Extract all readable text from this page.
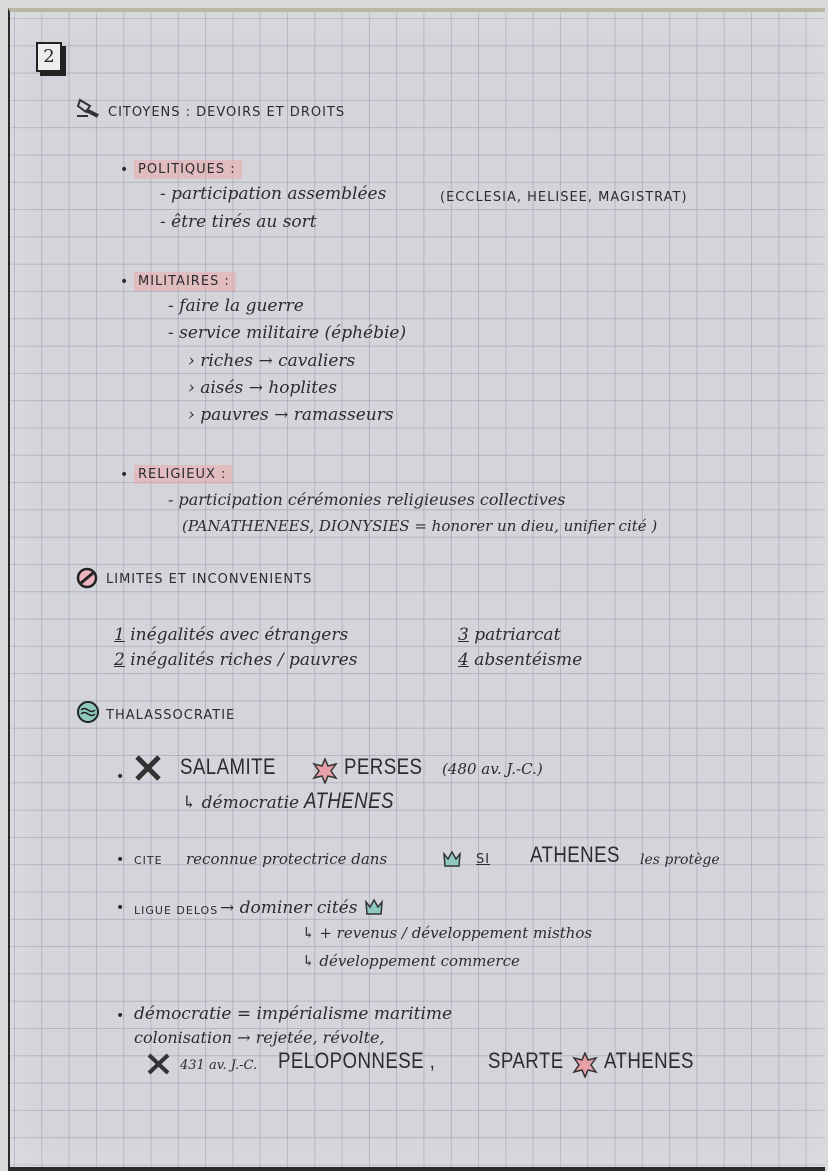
2
CITOYENS : DEVOIRS ET DROITS
• POLITIQUES :
- participation assemblées	(ECCLESIA, HELISEE, MAGISTRAT)
- être tirés au sort
• MILITAIRES :
- faire la guerre
- service militaire (éphébie)
› riches → cavaliers
› aisés → hoplites
› pauvres → ramasseurs
• RELIGIEUX :
- participation cérémonies religieuses collectives
(PANATHENEES, DIONYSIES = honorer un dieu, unifier cité )
LIMITES ET INCONVENIENTS
1 inégalités avec étrangers
2 inégalités riches / pauvres
3 patriarcat
4 absentéisme
THALASSOCRATIE
•	SALAMITE	PERSES (480 av. J.-C.)
↳ démocratie ATHENES
• CITE reconnue protectrice dans	SI ATHENES les protège
• LIGUE DELOS → dominer cités
↳ + revenus / développement misthos
↳ développement commerce
• démocratie = impérialisme maritime
colonisation → rejetée, révolte,
431 av. J.-C. PELOPONNESE , SPARTE ATHENES
